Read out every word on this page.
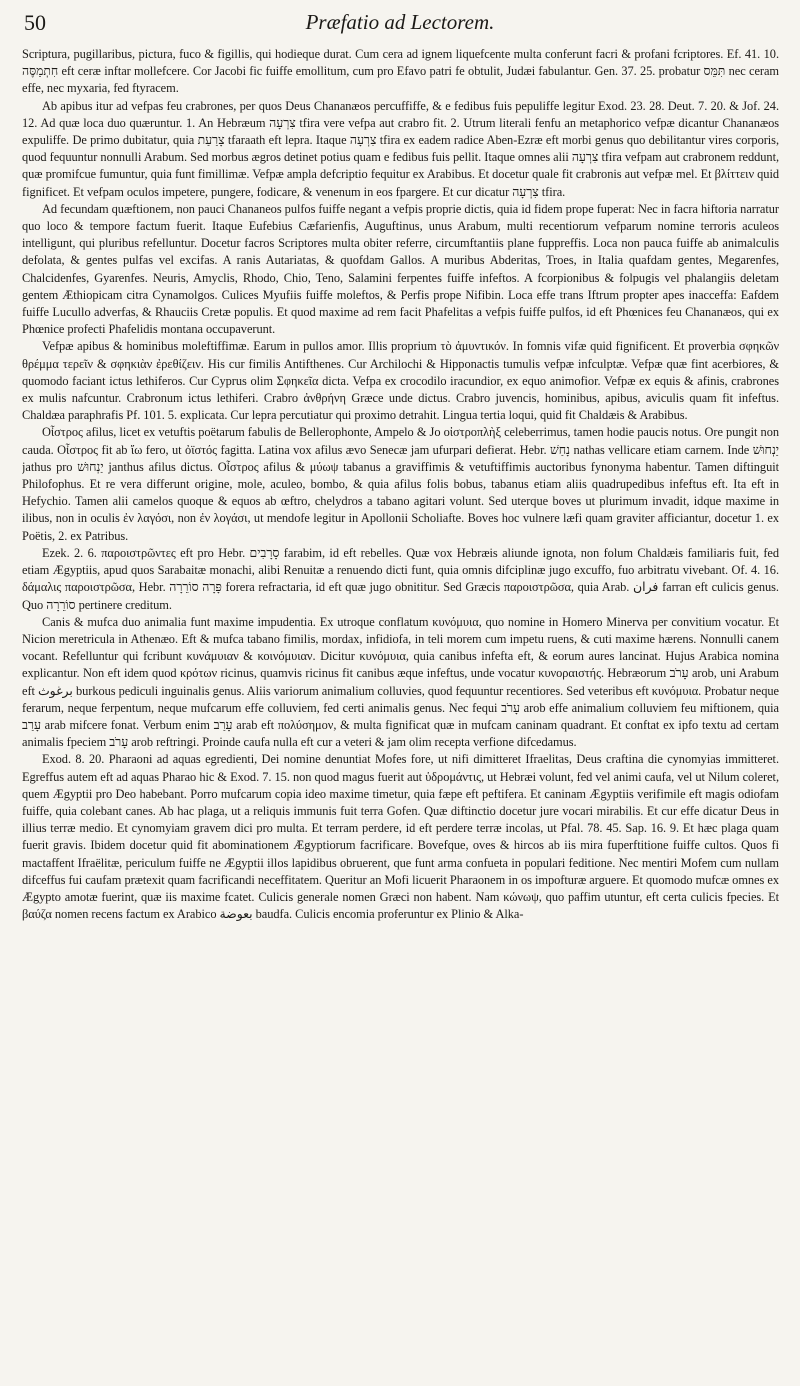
50	Præfatio ad Lectorem.

Scriptura, pugillaribus, pictura, fuco & figillis, qui hodieque durat. Cum cera ad ignem liquefcente multa conferunt facri & profani fcriptores. Ef. 41. 10. חִתְמַסֶּה eft ceræ inftar mollefcere. Cor Jacobi fic fuiffe emollitum, cum pro Efavo patri fe obtulit, Judæi fabulantur. Gen. 37. 25. probatur תִּמֵּס nec ceram effe, nec myxaria, fed ftyracem.

Ab apibus itur ad vefpas feu crabrones, per quos Deus Chananæos percuffiffe, & e fedibus fuis pepuliffe legitur Exod. 23. 28. Deut. 7. 20. & Jof. 24. 12. Ad quæ loca duo quæruntur. 1. An Hebræum צִרְעָה tfira vere vefpa aut crabro fit. 2. Utrum literali fenfu an metaphorico vefpæ dicantur Chananæos expuliffe. De primo dubitatur, quia צָרַעַת tfaraath eft lepra. Itaque צִרְעָה tfira ex eadem radice Aben-Ezræ eft morbi genus quo debilitantur vires corporis, quod fequuntur nonnulli Arabum. Sed morbus ægros detinet potius quam e fedibus fuis pellit. Itaque omnes alii צִרְעָה tfira vefpam aut crabronem reddunt, quæ promifcue fumuntur, quia funt fimillimæ. Vefpæ ampla defcriptio fequitur ex Arabibus. Et docetur quale fit crabronis aut vefpæ mel. Et βλίττειν quid fignificet. Et vefpam oculos impetere, pungere, fodicare, & venenum in eos fpargere. Et cur dicatur צִרְעָה tfira.

Ad fecundam quæftionem, non pauci Chananeos pulfos fuiffe negant a vefpis proprie dictis, quia id fidem prope fuperat: Nec in facra hiftoria narratur quo loco & tempore factum fuerit. Itaque Eufebius Cæfarienfis, Auguftinus, unus Arabum, multi recentiorum vefparum nomine terroris aculeos intelligunt, qui pluribus refelluntur. Docetur facros Scriptores multa obiter referre, circumftantiis plane fuppreffis. Loca non pauca fuiffe ab animalculis defolata, & gentes pulfas vel excifas. A ranis Autariatas, & quofdam Gallos. A muribus Abderitas, Troes, in Italia quafdam gentes, Megarenfes, Chalcidenfes, Gyarenfes. Neuris, Amyclis, Rhodo, Chio, Teno, Salamini ferpentes fuiffe infeftos. A fcorpionibus & folpugis vel phalangiis deletam gentem Æthiopicam citra Cynamolgos. Culices Myufiis fuiffe moleftos, & Perfis prope Nifibin. Loca effe trans Iftrum propter apes inacceffa: Eafdem fuiffe Lucullo adverfas, & Rhauciis Cretæ populis. Et quod maxime ad rem facit Phafelitas a vefpis fuiffe pulfos, id eft Phœnices feu Chananæos, qui ex Phœnice profecti Phafelidis montana occupaverunt.

Vefpæ apibus & hominibus moleftiffimæ. Earum in pullos amor. Illis proprium τὸ ἀμυντικόν. In fomnis vifæ quid fignificent. Et proverbia σφηκῶν θρέμμα τερεῖν & σφηκιὰν ἐρεθίζειν. His cur fimilis Antifthenes. Cur Archilochi & Hipponactis tumulis vefpæ infculptæ. Vefpæ quæ fint acerbiores, & quomodo faciant ictus lethiferos. Cur Cyprus olim Σφηκεῖα dicta. Vefpa ex crocodilo iracundior, ex equo animofior. Vefpæ ex equis & afinis, crabrones ex mulis nafcuntur. Crabronum ictus lethiferi. Crabro ἀνθρήνη Græce unde dictus. Crabro juvencis, hominibus, apibus, aviculis quam fit infeftus. Chaldæa paraphrafis Pf. 101. 5. explicata. Cur lepra percutiatur qui proximo detrahit. Lingua tertia loqui, quid fit Chaldæis & Arabibus.

Οἶστρος afilus, licet ex vetuftis poëtarum fabulis de Bellerophonte, Ampelo & Jo οἰστροπλὴξ celeberrimus, tamen hodie paucis notus. Ore pungit non cauda. Οἶστρος fit ab ἴω fero, ut ὀϊστός fagitta. Latina vox afilus ævo Senecæ jam ufurpari defierat. Hebr. נָחַשׁ nathas vellicare etiam carnem. Inde יַנְחוּשׁ jathus pro יַנְחוּשׁ janthus afilus dictus. Οἶστρος afilus & μύωψ tabanus a graviffimis & vetuftiffimis auctoribus fynonyma habentur. Tamen diftinguit Philofophus. Et re vera differunt origine, mole, aculeo, bombo, & quia afilus folis bobus, tabanus etiam aliis quadrupedibus infeftus eft. Ita eft in Hefychio. Tamen alii camelos quoque & equos ab œftro, chelydros a tabano agitari volunt. Sed uterque boves ut plurimum invadit, idque maxime in ilibus, non in oculis ἐν λαγόσι, non ἐν λογάσι, ut mendofe legitur in Apollonii Scholiafte. Boves hoc vulnere læfi quam graviter afficiantur, docetur 1. ex Poëtis, 2. ex Patribus.

Ezek. 2. 6. παροιστρῶντες eft pro Hebr. סָרָבִים farabim, id eft rebelles. Quæ vox Hebræis aliunde ignota, non folum Chaldæis familiaris fuit, fed etiam Ægyptiis, apud quos Sarabaitæ monachi, alibi Renuitæ a renuendo dicti funt, quia omnis difciplinæ jugo excuffo, fuo arbitratu vivebant. Of. 4. 16. δάμαλις παροιστρῶσα, Hebr. פָּרָה סוֹרֵרָה forera refractaria, id eft quæ jugo obnititur. Sed Græcis παροιστρῶσα, quia Arab. فران farran eft culicis genus. Quo סוֹרֵרָה pertinere creditum.

Canis & mufca duo animalia funt maxime impudentia. Ex utroque conflatum κυνόμυια, quo nomine in Homero Minerva per convitium vocatur. Et Nicion meretricula in Athenæo. Eft & mufca tabano fimilis, mordax, infidiofa, in teli morem cum impetu ruens, & cuti maxime hærens. Nonnulli canem vocant. Refelluntur qui fcribunt κυνάμυιαν & κοινόμυιαν. Dicitur κυνόμυια, quia canibus infefta eft, & eorum aures lancinat. Hujus Arabica nomina explicantur. Non eft idem quod κρότων ricinus, quamvis ricinus fit canibus æque infeftus, unde vocatur κυνοραιστής. Hebræorum עָרֹב arob, uni Arabum eft برغوث burkous pediculi inguinalis genus. Aliis variorum animalium colluvies, quod fequuntur recentiores. Sed veteribus eft κυνόμυια. Probatur neque ferarum, neque ferpentum, neque mufcarum effe colluviem, fed certi animalis genus. Nec fequi עָרֹב arob effe animalium colluviem feu miftionem, quia עָרַב arab mifcere fonat. Verbum enim עָרַב arab eft πολύσημον, & multa fignificat quæ in mufcam caninam quadrant. Et conftat ex ipfo textu ad certam animalis fpeciem עָרֹב arob reftringi. Proinde caufa nulla eft cur a veteri & jam olim recepta verfione difcedamus.

Exod. 8. 20. Pharaoni ad aquas egredienti, Dei nomine denuntiat Mofes fore, ut nifi dimitteret Ifraelitas, Deus craftina die cynomyias immitteret. Egreffus autem eft ad aquas Pharao hic & Exod. 7. 15. non quod magus fuerit aut ὑδρομάντις, ut Hebræi volunt, fed vel animi caufa, vel ut Nilum coleret, quem Ægyptii pro Deo habebant. Porro mufcarum copia ideo maxime timetur, quia fæpe eft peftifera. Et caninam Ægyptiis verifimile eft magis odiofam fuiffe, quia colebant canes. Ab hac plaga, ut a reliquis immunis fuit terra Gofen. Quæ diftinctio docetur jure vocari mirabilis. Et cur effe dicatur Deus in illius terræ medio. Et cynomyiam gravem dici pro multa. Et terram perdere, id eft perdere terræ incolas, ut Pfal. 78. 45. Sap. 16. 9. Et hæc plaga quam fuerit gravis. Ibidem docetur quid fit abominationem Ægyptiorum facrificare. Bovefque, oves & hircos ab iis mira fuperftitione fuiffe cultos. Quos fi mactaffent Ifraëlitæ, periculum fuiffe ne Ægyptii illos lapidibus obruerent, que funt arma confueta in populari feditione. Nec mentiri Mofem cum nullam difceffus fui caufam prætexit quam facrificandi neceffitatem. Queritur an Mofi licuerit Pharaonem in os impofturæ arguere. Et quomodo mufcæ omnes ex Ægypto amotæ fuerint, quæ iis maxime fcatet. Culicis generale nomen Græci non habent. Nam κώνωψ, quo paffim utuntur, eft certa culicis fpecies. Et βαύζα nomen recens factum ex Arabico بعوضة baudfa. Culicis encomia proferuntur ex Plinio & Alka-
